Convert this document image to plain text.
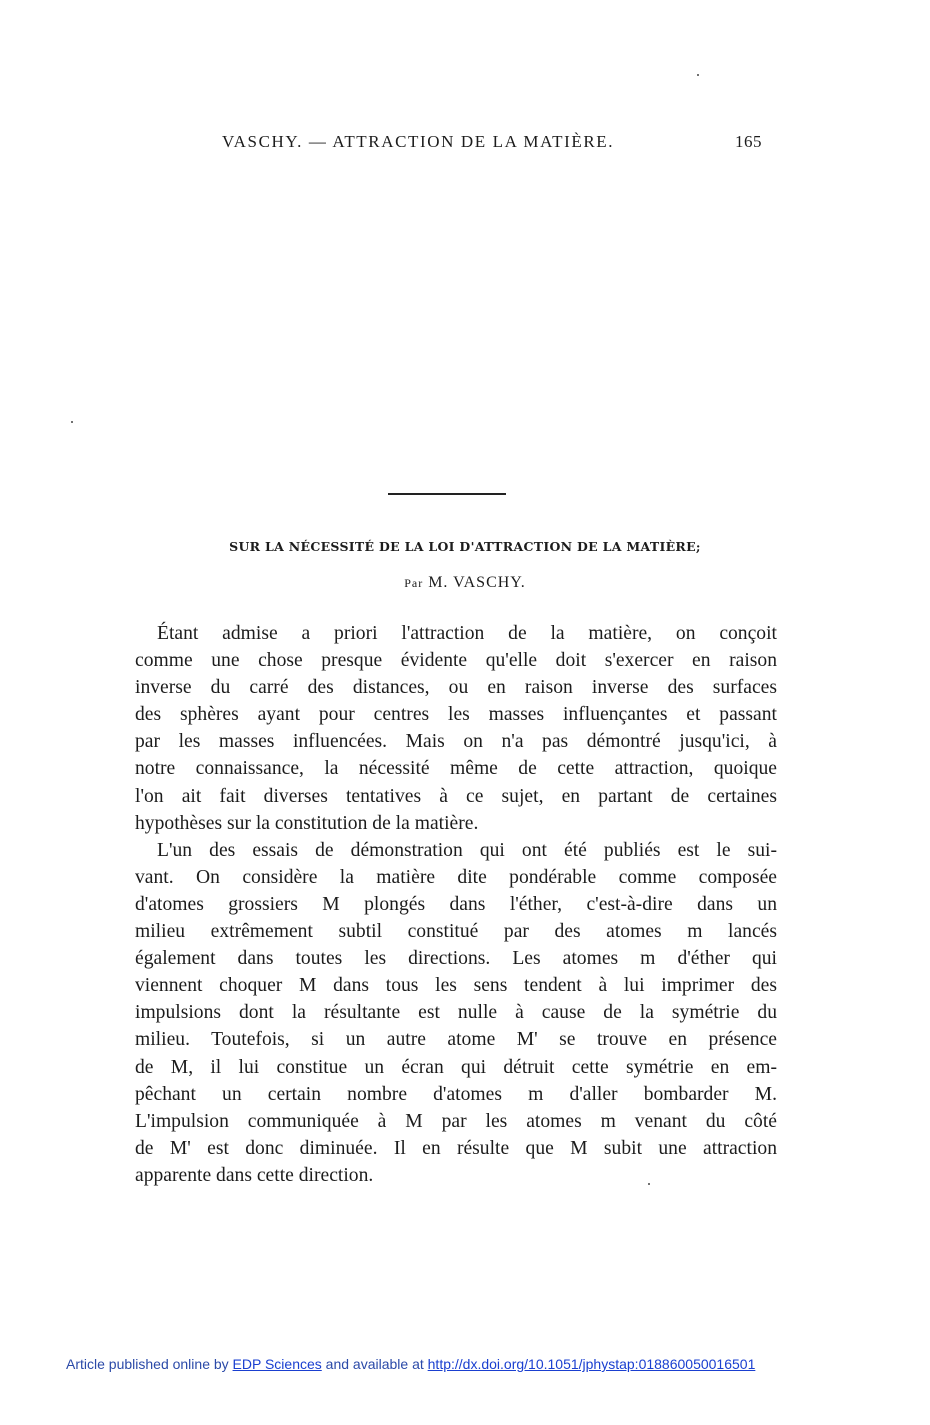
VASCHY. — ATTRACTION DE LA MATIÈRE.	165
SUR LA NÉCESSITÉ DE LA LOI D'ATTRACTION DE LA MATIÈRE;
Par M. VASCHY.
Étant admise a priori l'attraction de la matière, on conçoit
comme une chose presque évidente qu'elle doit s'exercer en raison
inverse du carré des distances, ou en raison inverse des surfaces
des sphères ayant pour centres les masses influençantes et passant
par les masses influencées. Mais on n'a pas démontré jusqu'ici, à
notre connaissance, la nécessité même de cette attraction, quoique
l'on ait fait diverses tentatives à ce sujet, en partant de certaines
hypothèses sur la constitution de la matière.
L'un des essais de démonstration qui ont été publiés est le sui-
vant. On considère la matière dite pondérable comme composée
d'atomes grossiers M plongés dans l'éther, c'est-à-dire dans un
milieu extrêmement subtil constitué par des atomes m lancés
également dans toutes les directions. Les atomes m d'éther qui
viennent choquer M dans tous les sens tendent à lui imprimer des
impulsions dont la résultante est nulle à cause de la symétrie du
milieu. Toutefois, si un autre atome M' se trouve en présence
de M, il lui constitue un écran qui détruit cette symétrie en em-
pêchant un certain nombre d'atomes m d'aller bombarder M.
L'impulsion communiquée à M par les atomes m venant du côté
de M' est donc diminuée. Il en résulte que M subit une attraction
apparente dans cette direction.
Article published online by EDP Sciences and available at http://dx.doi.org/10.1051/jphystap:018860050016501
